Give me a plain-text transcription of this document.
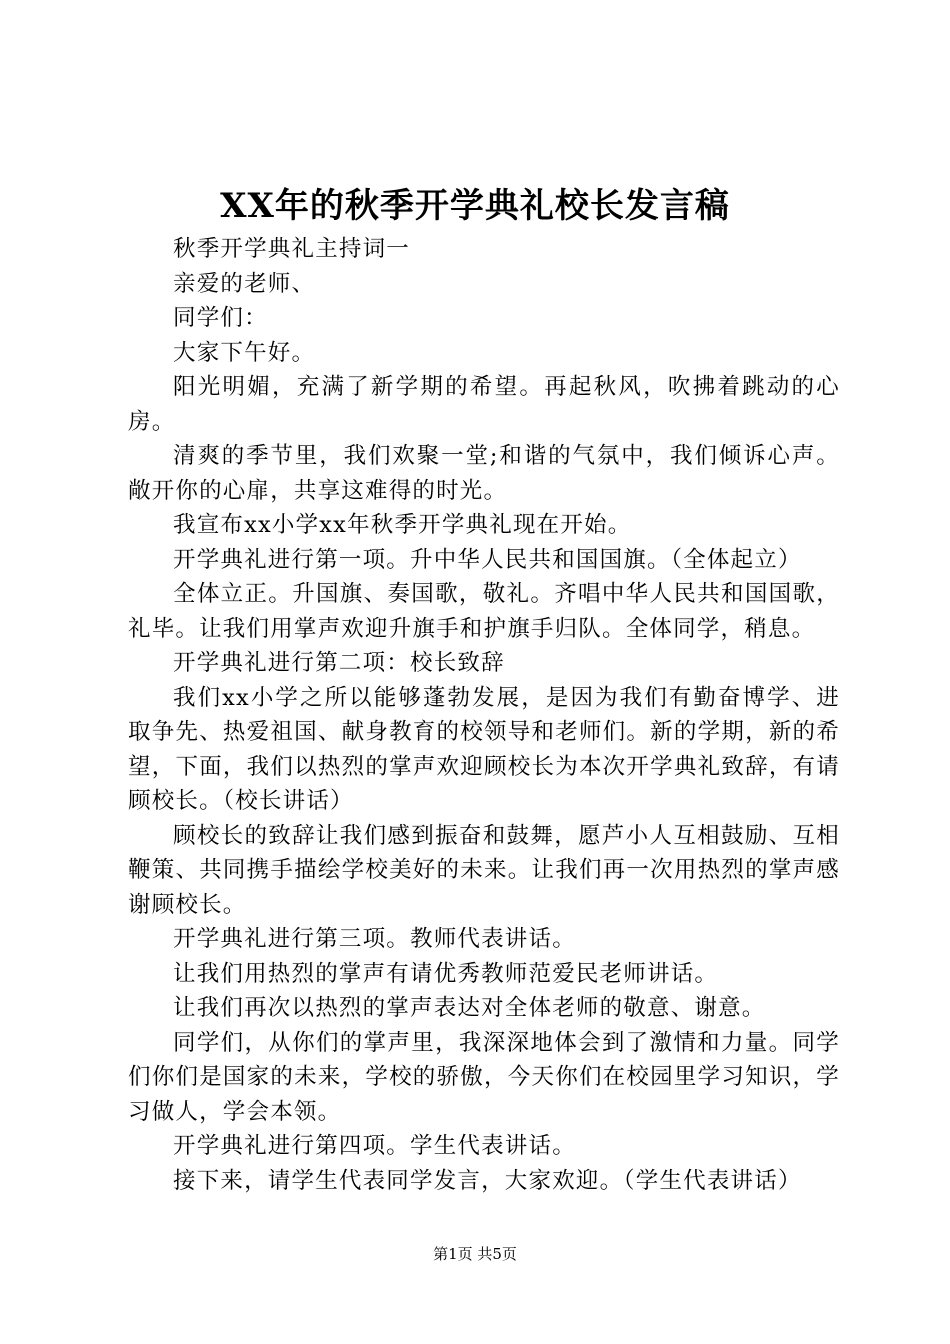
XX年的秋季开学典礼校长发言稿

秋季开学典礼主持词一

亲爱的老师、

同学们：

大家下午好。

阳光明媚，充满了新学期的希望。再起秋风，吹拂着跳动的心房。

清爽的季节里，我们欢聚一堂;和谐的气氛中，我们倾诉心声。敞开你的心扉，共享这难得的时光。

我宣布xx小学xx年秋季开学典礼现在开始。

开学典礼进行第一项。升中华人民共和国国旗。（全体起立）

全体立正。升国旗、奏国歌，敬礼。齐唱中华人民共和国国歌，礼毕。让我们用掌声欢迎升旗手和护旗手归队。全体同学，稍息。

开学典礼进行第二项：校长致辞

我们xx小学之所以能够蓬勃发展，是因为我们有勤奋博学、进取争先、热爱祖国、献身教育的校领导和老师们。新的学期，新的希望，下面，我们以热烈的掌声欢迎顾校长为本次开学典礼致辞，有请顾校长。（校长讲话）

顾校长的致辞让我们感到振奋和鼓舞，愿芦小人互相鼓励、互相鞭策、共同携手描绘学校美好的未来。让我们再一次用热烈的掌声感谢顾校长。

开学典礼进行第三项。教师代表讲话。

让我们用热烈的掌声有请优秀教师范爱民老师讲话。

让我们再次以热烈的掌声表达对全体老师的敬意、谢意。

同学们，从你们的掌声里，我深深地体会到了激情和力量。同学们你们是国家的未来，学校的骄傲，今天你们在校园里学习知识，学习做人，学会本领。

开学典礼进行第四项。学生代表讲话。

接下来，请学生代表同学发言，大家欢迎。（学生代表讲话）

第1页 共5页
